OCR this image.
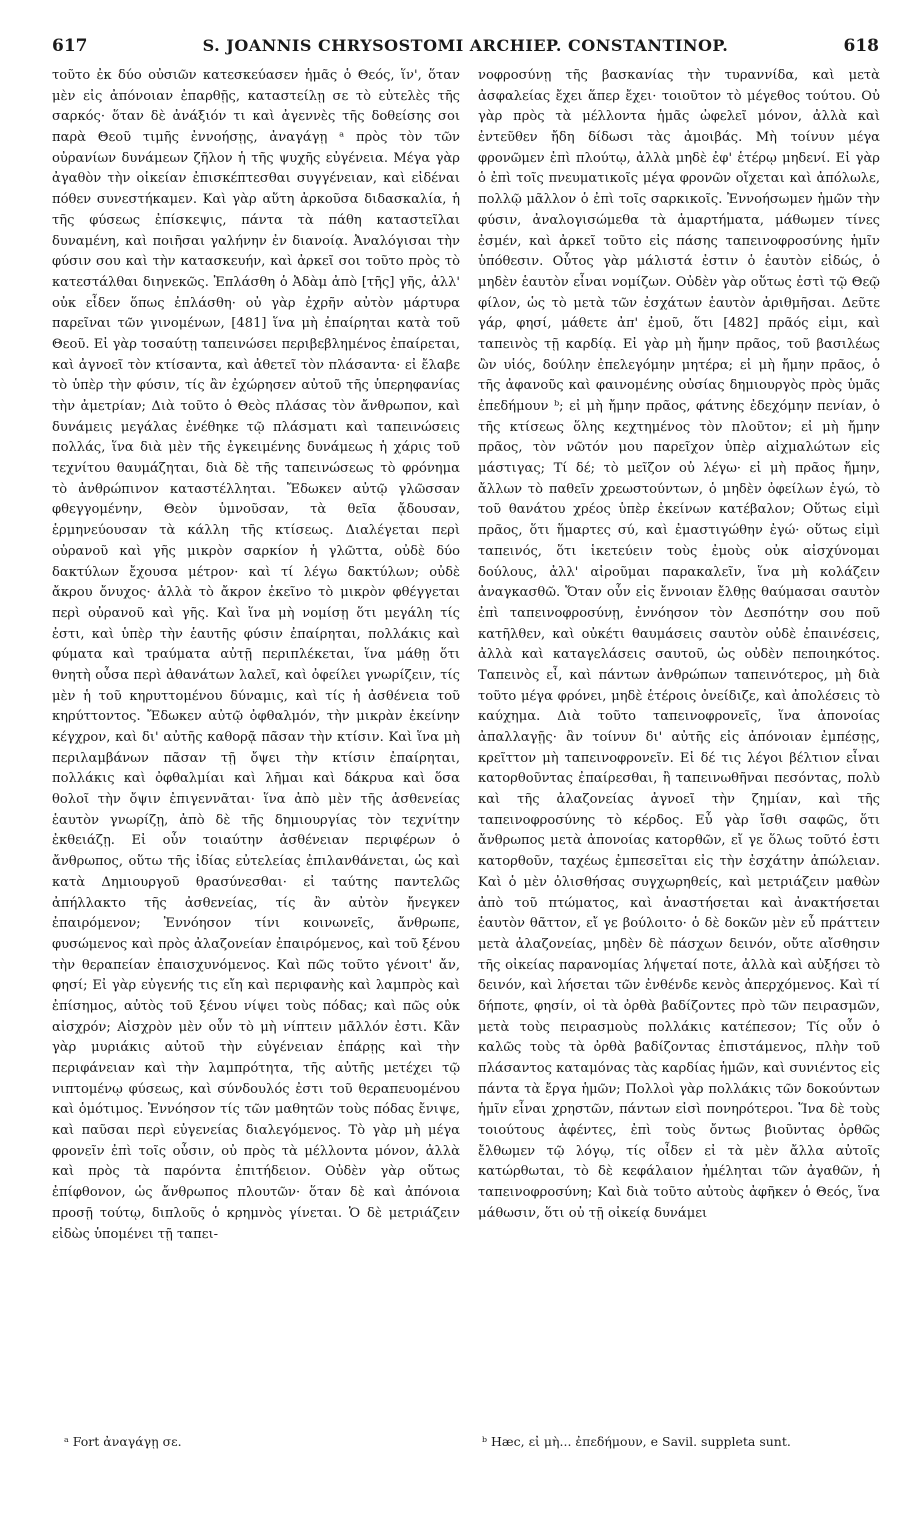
617	S. JOANNIS CHRYSOSTOMI ARCHIEP. CONSTANTINOP.	618

τοῦτο ἐκ δύο οὐσιῶν κατεσκεύασεν ἡμᾶς ὁ Θεός, ἵν', ὅταν μὲν εἰς ἀπόνοιαν ἐπαρθῇς, καταστείλῃ σε τὸ εὐτελὲς τῆς σαρκός· ὅταν δὲ ἀνάξιόν τι καὶ ἀγεννὲς τῆς δοθείσης σοι παρὰ Θεοῦ τιμῆς ἐννοήσῃς, ἀναγάγῃ ᵃ πρὸς τὸν τῶν οὐρανίων δυνάμεων ζῆλον ἡ τῆς ψυχῆς εὐγένεια. Μέγα γὰρ ἀγαθὸν τὴν οἰκείαν ἐπισκέπτεσθαι συγγένειαν, καὶ εἰδέναι πόθεν συνεστήκαμεν. Καὶ γὰρ αὕτη ἀρκοῦσα διδασκαλία, ἡ τῆς φύσεως ἐπίσκεψις, πάντα τὰ πάθη καταστεῖλαι δυναμένη, καὶ ποιῆσαι γαλήνην ἐν διανοίᾳ. Ἀναλόγισαι τὴν φύσιν σου καὶ τὴν κατασκευήν, καὶ ἀρκεῖ σοι τοῦτο πρὸς τὸ κατεστάλθαι διηνεκῶς. Ἐπλάσθη ὁ Ἀδὰμ ἀπὸ [τῆς] γῆς, ἀλλ' οὐκ εἶδεν ὅπως ἐπλάσθη· οὐ γὰρ ἐχρῆν αὐτὸν μάρτυρα παρεῖναι τῶν γινομένων, [481] ἵνα μὴ ἐπαίρηται κατὰ τοῦ Θεοῦ. Εἰ γὰρ τοσαύτῃ ταπεινώσει περιβεβλημένος ἐπαίρεται, καὶ ἀγνοεῖ τὸν κτίσαντα, καὶ ἀθετεῖ τὸν πλάσαντα· εἰ ἔλαβε τὸ ὑπὲρ τὴν φύσιν, τίς ἂν ἐχώρησεν αὐτοῦ τῆς ὑπερηφανίας τὴν ἀμετρίαν; Διὰ τοῦτο ὁ Θεὸς πλάσας τὸν ἄνθρωπον, καὶ δυνάμεις μεγάλας ἐνέθηκε τῷ πλάσματι καὶ ταπεινώσεις πολλάς, ἵνα διὰ μὲν τῆς ἐγκειμένης δυνάμεως ἡ χάρις τοῦ τεχνίτου θαυμάζηται, διὰ δὲ τῆς ταπεινώσεως τὸ φρόνημα τὸ ἀνθρώπινον καταστέλληται. Ἔδωκεν αὐτῷ γλῶσσαν φθεγγομένην, Θεὸν ὑμνοῦσαν, τὰ θεῖα ᾄδουσαν, ἑρμηνεύουσαν τὰ κάλλη τῆς κτίσεως. Διαλέγεται περὶ οὐρανοῦ καὶ γῆς μικρὸν σαρκίον ἡ γλῶττα, οὐδὲ δύο δακτύλων ἔχουσα μέτρον· καὶ τί λέγω δακτύλων; οὐδὲ ἄκρου ὄνυχος· ἀλλὰ τὸ ἄκρον ἐκεῖνο τὸ μικρὸν φθέγγεται περὶ οὐρανοῦ καὶ γῆς. Καὶ ἵνα μὴ νομίσῃ ὅτι μεγάλη τίς ἐστι, καὶ ὑπὲρ τὴν ἑαυτῆς φύσιν ἐπαίρηται, πολλάκις καὶ φύματα καὶ τραύματα αὐτῇ περιπλέκεται, ἵνα μάθῃ ὅτι θνητὴ οὖσα περὶ ἀθανάτων λαλεῖ, καὶ ὀφείλει γνωρίζειν, τίς μὲν ἡ τοῦ κηρυττομένου δύναμις, καὶ τίς ἡ ἀσθένεια τοῦ κηρύττοντος. Ἔδωκεν αὐτῷ ὀφθαλμόν, τὴν μικρὰν ἐκείνην κέγχρον, καὶ δι' αὐτῆς καθορᾷ πᾶσαν τὴν κτίσιν. Καὶ ἵνα μὴ περιλαμβάνων πᾶσαν τῇ ὄψει τὴν κτίσιν ἐπαίρηται, πολλάκις καὶ ὀφθαλμίαι καὶ λῆμαι καὶ δάκρυα καὶ ὅσα θολοῖ τὴν ὄψιν ἐπιγεννᾶται· ἵνα ἀπὸ μὲν τῆς ἀσθενείας ἑαυτὸν γνωρίζῃ, ἀπὸ δὲ τῆς δημιουργίας τὸν τεχνίτην ἐκθειάζῃ. Εἰ οὖν τοιαύτην ἀσθένειαν περιφέρων ὁ ἄνθρωπος, οὕτω τῆς ἰδίας εὐτελείας ἐπιλανθάνεται, ὡς καὶ κατὰ Δημιουργοῦ θρασύνεσθαι· εἰ ταύτης παντελῶς ἀπήλλακτο τῆς ἀσθενείας, τίς ἂν αὐτὸν ἤνεγκεν ἐπαιρόμενον; Ἐννόησον τίνι κοινωνεῖς, ἄνθρωπε, φυσώμενος καὶ πρὸς ἀλαζονείαν ἐπαιρόμενος, καὶ τοῦ ξένου τὴν θεραπείαν ἐπαισχυνόμενος. Καὶ πῶς τοῦτο γένοιτ' ἄν, φησί; Εἰ γὰρ εὐγενής τις εἴη καὶ περιφανὴς καὶ λαμπρὸς καὶ ἐπίσημος, αὐτὸς τοῦ ξένου νίψει τοὺς πόδας; καὶ πῶς οὐκ αἰσχρόν; Αἰσχρὸν μὲν οὖν τὸ μὴ νίπτειν μᾶλλόν ἐστι. Κἂν γὰρ μυριάκις αὐτοῦ τὴν εὐγένειαν ἐπάρῃς καὶ τὴν περιφάνειαν καὶ τὴν λαμπρότητα, τῆς αὐτῆς μετέχει τῷ νιπτομένῳ φύσεως, καὶ σύνδουλός ἐστι τοῦ θεραπευομένου καὶ ὁμότιμος. Ἐννόησον τίς τῶν μαθητῶν τοὺς πόδας ἔνιψε, καὶ παῦσαι περὶ εὐγενείας διαλεγόμενος. Τὸ γὰρ μὴ μέγα φρονεῖν ἐπὶ τοῖς οὖσιν, οὐ πρὸς τὰ μέλλοντα μόνον, ἀλλὰ καὶ πρὸς τὰ παρόντα ἐπιτήδειον. Οὐδὲν γὰρ οὕτως ἐπίφθονον, ὡς ἄνθρωπος πλουτῶν· ὅταν δὲ καὶ ἀπόνοια προσῇ τούτῳ, διπλοῦς ὁ κρημνὸς γίνεται. Ὁ δὲ μετριάζειν εἰδὼς ὑπομένει τῇ ταπει-

νοφροσύνῃ τῆς βασκανίας τὴν τυραννίδα, καὶ μετὰ ἀσφαλείας ἔχει ἅπερ ἔχει· τοιοῦτον τὸ μέγεθος τούτου. Οὐ γὰρ πρὸς τὰ μέλλοντα ἡμᾶς ὠφελεῖ μόνον, ἀλλὰ καὶ ἐντεῦθεν ἤδη δίδωσι τὰς ἀμοιβάς. Μὴ τοίνυν μέγα φρονῶμεν ἐπὶ πλούτῳ, ἀλλὰ μηδὲ ἐφ' ἑτέρῳ μηδενί. Εἰ γὰρ ὁ ἐπὶ τοῖς πνευματικοῖς μέγα φρονῶν οἴχεται καὶ ἀπόλωλε, πολλῷ μᾶλλον ὁ ἐπὶ τοῖς σαρκικοῖς. Ἐννοήσωμεν ἡμῶν τὴν φύσιν, ἀναλογισώμεθα τὰ ἁμαρτήματα, μάθωμεν τίνες ἐσμέν, καὶ ἀρκεῖ τοῦτο εἰς πάσης ταπεινοφροσύνης ἡμῖν ὑπόθεσιν. Οὗτος γὰρ μάλιστά ἐστιν ὁ ἑαυτὸν εἰδώς, ὁ μηδὲν ἑαυτὸν εἶναι νομίζων. Οὐδὲν γὰρ οὕτως ἐστὶ τῷ Θεῷ φίλον, ὡς τὸ μετὰ τῶν ἐσχάτων ἑαυτὸν ἀριθμῆσαι. Δεῦτε γάρ, φησί, μάθετε ἀπ' ἐμοῦ, ὅτι [482] πρᾶός εἰμι, καὶ ταπεινὸς τῇ καρδίᾳ. Εἰ γὰρ μὴ ἤμην πρᾶος, τοῦ βασιλέως ὢν υἱός, δούλην ἐπελεγόμην μητέρα; εἰ μὴ ἤμην πρᾶος, ὁ τῆς ἀφανοῦς καὶ φαινομένης οὐσίας δημιουργὸς πρὸς ὑμᾶς ἐπεδήμουν ᵇ; εἰ μὴ ἤμην πρᾶος, φάτνης ἐδεχόμην πενίαν, ὁ τῆς κτίσεως ὅλης κεχτημένος τὸν πλοῦτον; εἰ μὴ ἤμην πρᾶος, τὸν νῶτόν μου παρεῖχον ὑπὲρ αἰχμαλώτων εἰς μάστιγας; Τί δέ; τὸ μεῖζον οὐ λέγω· εἰ μὴ πρᾶος ἤμην, ἄλλων τὸ παθεῖν χρεωστούντων, ὁ μηδὲν ὀφείλων ἐγώ, τὸ τοῦ θανάτου χρέος ὑπὲρ ἐκείνων κατέβαλον; Οὕτως εἰμὶ πρᾶος, ὅτι ἥμαρτες σύ, καὶ ἐμαστιγώθην ἐγώ· οὕτως εἰμὶ ταπεινός, ὅτι ἱκετεύειν τοὺς ἐμοὺς οὐκ αἰσχύνομαι δούλους, ἀλλ' αἱροῦμαι παρακαλεῖν, ἵνα μὴ κολάζειν ἀναγκασθῶ. Ὅταν οὖν εἰς ἔννοιαν ἔλθῃς θαύμασαι σαυτὸν ἐπὶ ταπεινοφροσύνῃ, ἐννόησον τὸν Δεσπότην σου ποῦ κατῆλθεν, καὶ οὐκέτι θαυμάσεις σαυτὸν οὐδὲ ἐπαινέσεις, ἀλλὰ καὶ καταγελάσεις σαυτοῦ, ὡς οὐδὲν πεποιηκότος. Ταπεινὸς εἶ, καὶ πάντων ἀνθρώπων ταπεινότερος, μὴ διὰ τοῦτο μέγα φρόνει, μηδὲ ἑτέροις ὀνείδιζε, καὶ ἀπολέσεις τὸ καύχημα. Διὰ τοῦτο ταπεινοφρονεῖς, ἵνα ἀπονοίας ἀπαλλαγῇς· ἂν τοίνυν δι' αὐτῆς εἰς ἀπόνοιαν ἐμπέσῃς, κρεῖττον μὴ ταπεινοφρονεῖν. Εἰ δέ τις λέγοι βέλτιον εἶναι κατορθοῦντας ἐπαίρεσθαι, ἢ ταπεινωθῆναι πεσόντας, πολὺ καὶ τῆς ἀλαζονείας ἀγνοεῖ τὴν ζημίαν, καὶ τῆς ταπεινοφροσύνης τὸ κέρδος. Εὖ γὰρ ἴσθι σαφῶς, ὅτι ἄνθρωπος μετὰ ἀπονοίας κατορθῶν, εἴ γε ὅλως τοῦτό ἐστι κατορθοῦν, ταχέως ἐμπεσεῖται εἰς τὴν ἐσχάτην ἀπώλειαν. Καὶ ὁ μὲν ὀλισθήσας συγχωρηθείς, καὶ μετριάζειν μαθὼν ἀπὸ τοῦ πτώματος, καὶ ἀναστήσεται καὶ ἀνακτήσεται ἑαυτὸν θᾶττον, εἴ γε βούλοιτο· ὁ δὲ δοκῶν μὲν εὖ πράττειν μετὰ ἀλαζονείας, μηδὲν δὲ πάσχων δεινόν, οὔτε αἴσθησιν τῆς οἰκείας παρανομίας λήψεταί ποτε, ἀλλὰ καὶ αὐξήσει τὸ δεινόν, καὶ λήσεται τῶν ἐνθένδε κενὸς ἀπερχόμενος. Καὶ τί δήποτε, φησίν, οἱ τὰ ὀρθὰ βαδίζοντες πρὸ τῶν πειρασμῶν, μετὰ τοὺς πειρασμοὺς πολλάκις κατέπεσον; Τίς οὖν ὁ καλῶς τοὺς τὰ ὀρθὰ βαδίζοντας ἐπιστάμενος, πλὴν τοῦ πλάσαντος καταμόνας τὰς καρδίας ἡμῶν, καὶ συνιέντος εἰς πάντα τὰ ἔργα ἡμῶν; Πολλοὶ γὰρ πολλάκις τῶν δοκούντων ἡμῖν εἶναι χρηστῶν, πάντων εἰσὶ πονηρότεροι. Ἵνα δὲ τοὺς τοιούτους ἀφέντες, ἐπὶ τοὺς ὄντως βιοῦντας ὀρθῶς ἔλθωμεν τῷ λόγῳ, τίς οἶδεν εἰ τὰ μὲν ἄλλα αὐτοῖς κατώρθωται, τὸ δὲ κεφάλαιον ἠμέληται τῶν ἀγαθῶν, ἡ ταπεινοφροσύνη; Καὶ διὰ τοῦτο αὐτοὺς ἀφῆκεν ὁ Θεός, ἵνα μάθωσιν, ὅτι οὐ τῇ οἰκείᾳ δυνάμει

ᵃ Fort ἀναγάγῃ σε.	ᵇ Hæc, εἰ μὴ... ἐπεδήμουν, e Savil. suppleta sunt.
